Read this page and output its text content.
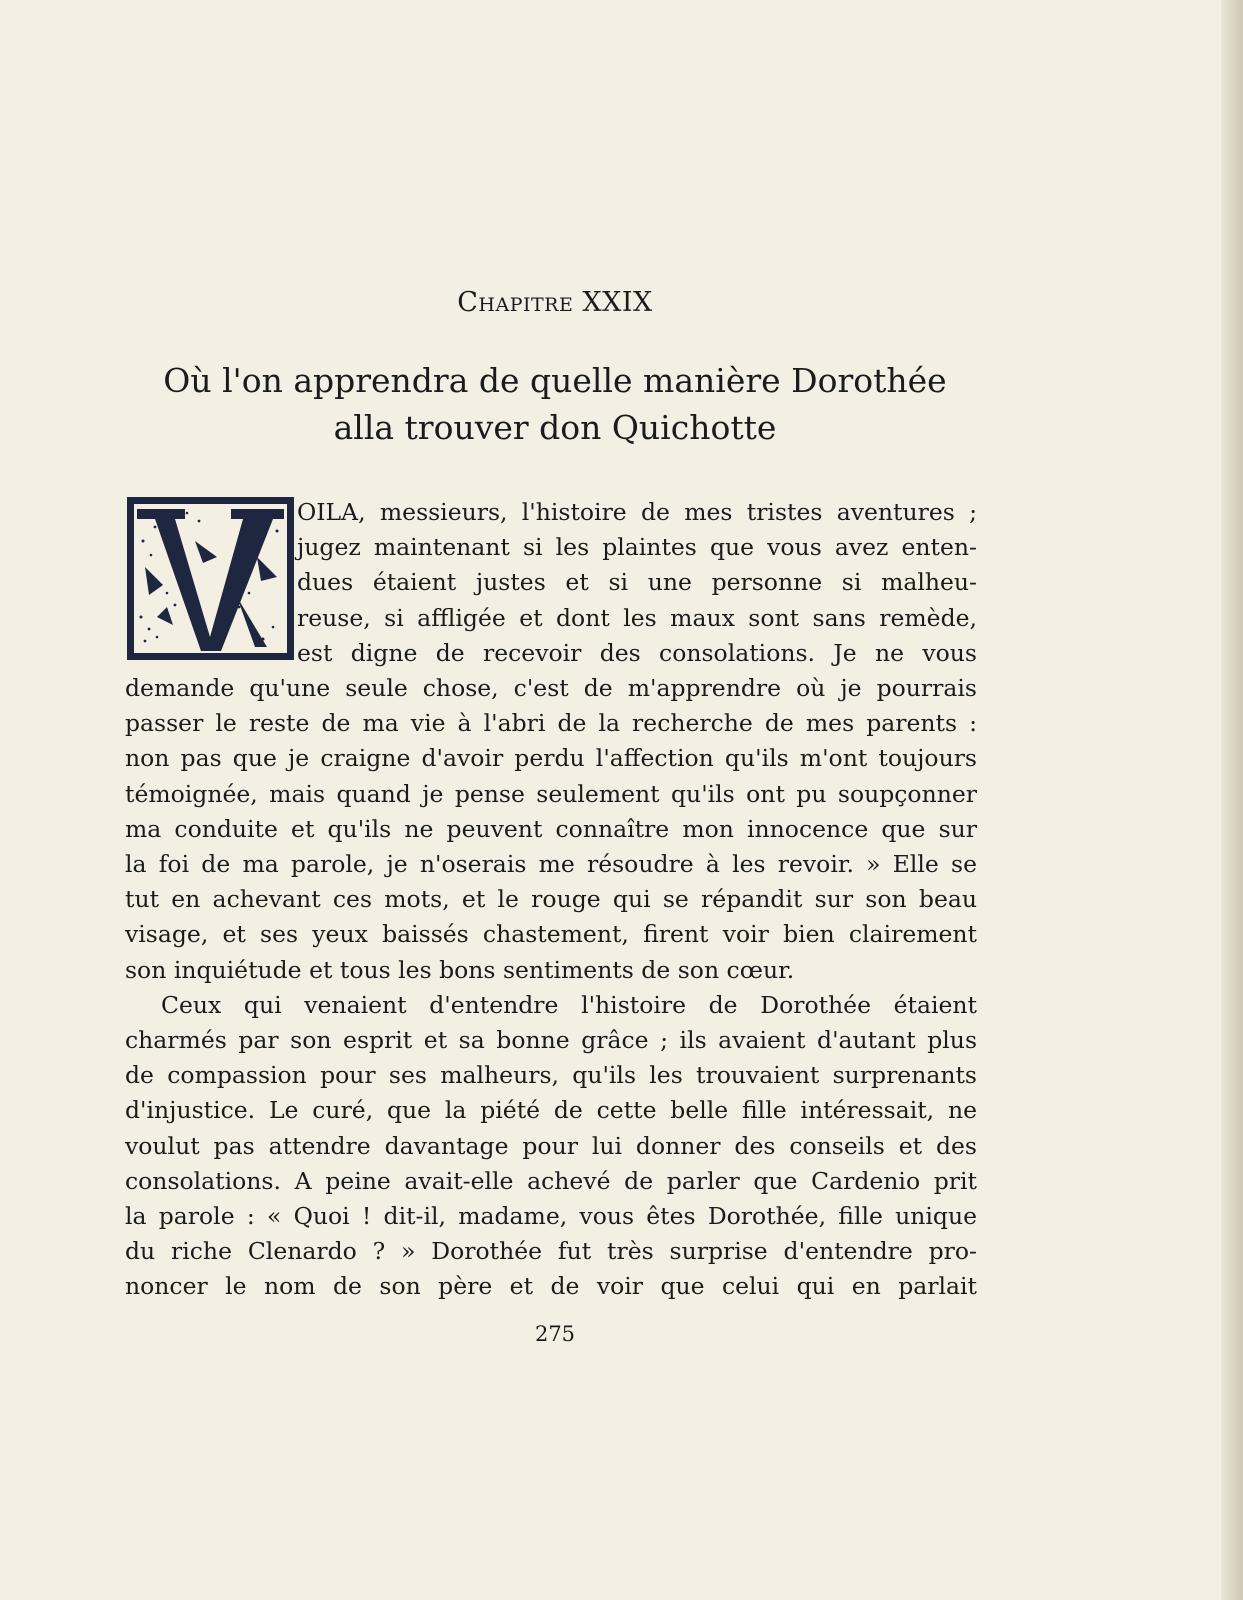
Chapitre XXIX
Où l'on apprendra de quelle manière Dorothée
alla trouver don Quichotte
OILA, messieurs, l'histoire de mes tristes aventures ;
jugez maintenant si les plaintes que vous avez enten-
dues étaient justes et si une personne si malheu-
reuse, si affligée et dont les maux sont sans remède,
est digne de recevoir des consolations. Je ne vous
demande qu'une seule chose, c'est de m'apprendre où je pourrais
passer le reste de ma vie à l'abri de la recherche de mes parents :
non pas que je craigne d'avoir perdu l'affection qu'ils m'ont toujours
témoignée, mais quand je pense seulement qu'ils ont pu soupçonner
ma conduite et qu'ils ne peuvent connaître mon innocence que sur
la foi de ma parole, je n'oserais me résoudre à les revoir. » Elle se
tut en achevant ces mots, et le rouge qui se répandit sur son beau
visage, et ses yeux baissés chastement, firent voir bien clairement
son inquiétude et tous les bons sentiments de son cœur.
Ceux qui venaient d'entendre l'histoire de Dorothée étaient
charmés par son esprit et sa bonne grâce ; ils avaient d'autant plus
de compassion pour ses malheurs, qu'ils les trouvaient surprenants
d'injustice. Le curé, que la piété de cette belle fille intéressait, ne
voulut pas attendre davantage pour lui donner des conseils et des
consolations. A peine avait-elle achevé de parler que Cardenio prit
la parole : « Quoi ! dit-il, madame, vous êtes Dorothée, fille unique
du riche Clenardo ? » Dorothée fut très surprise d'entendre pro-
noncer le nom de son père et de voir que celui qui en parlait
275
